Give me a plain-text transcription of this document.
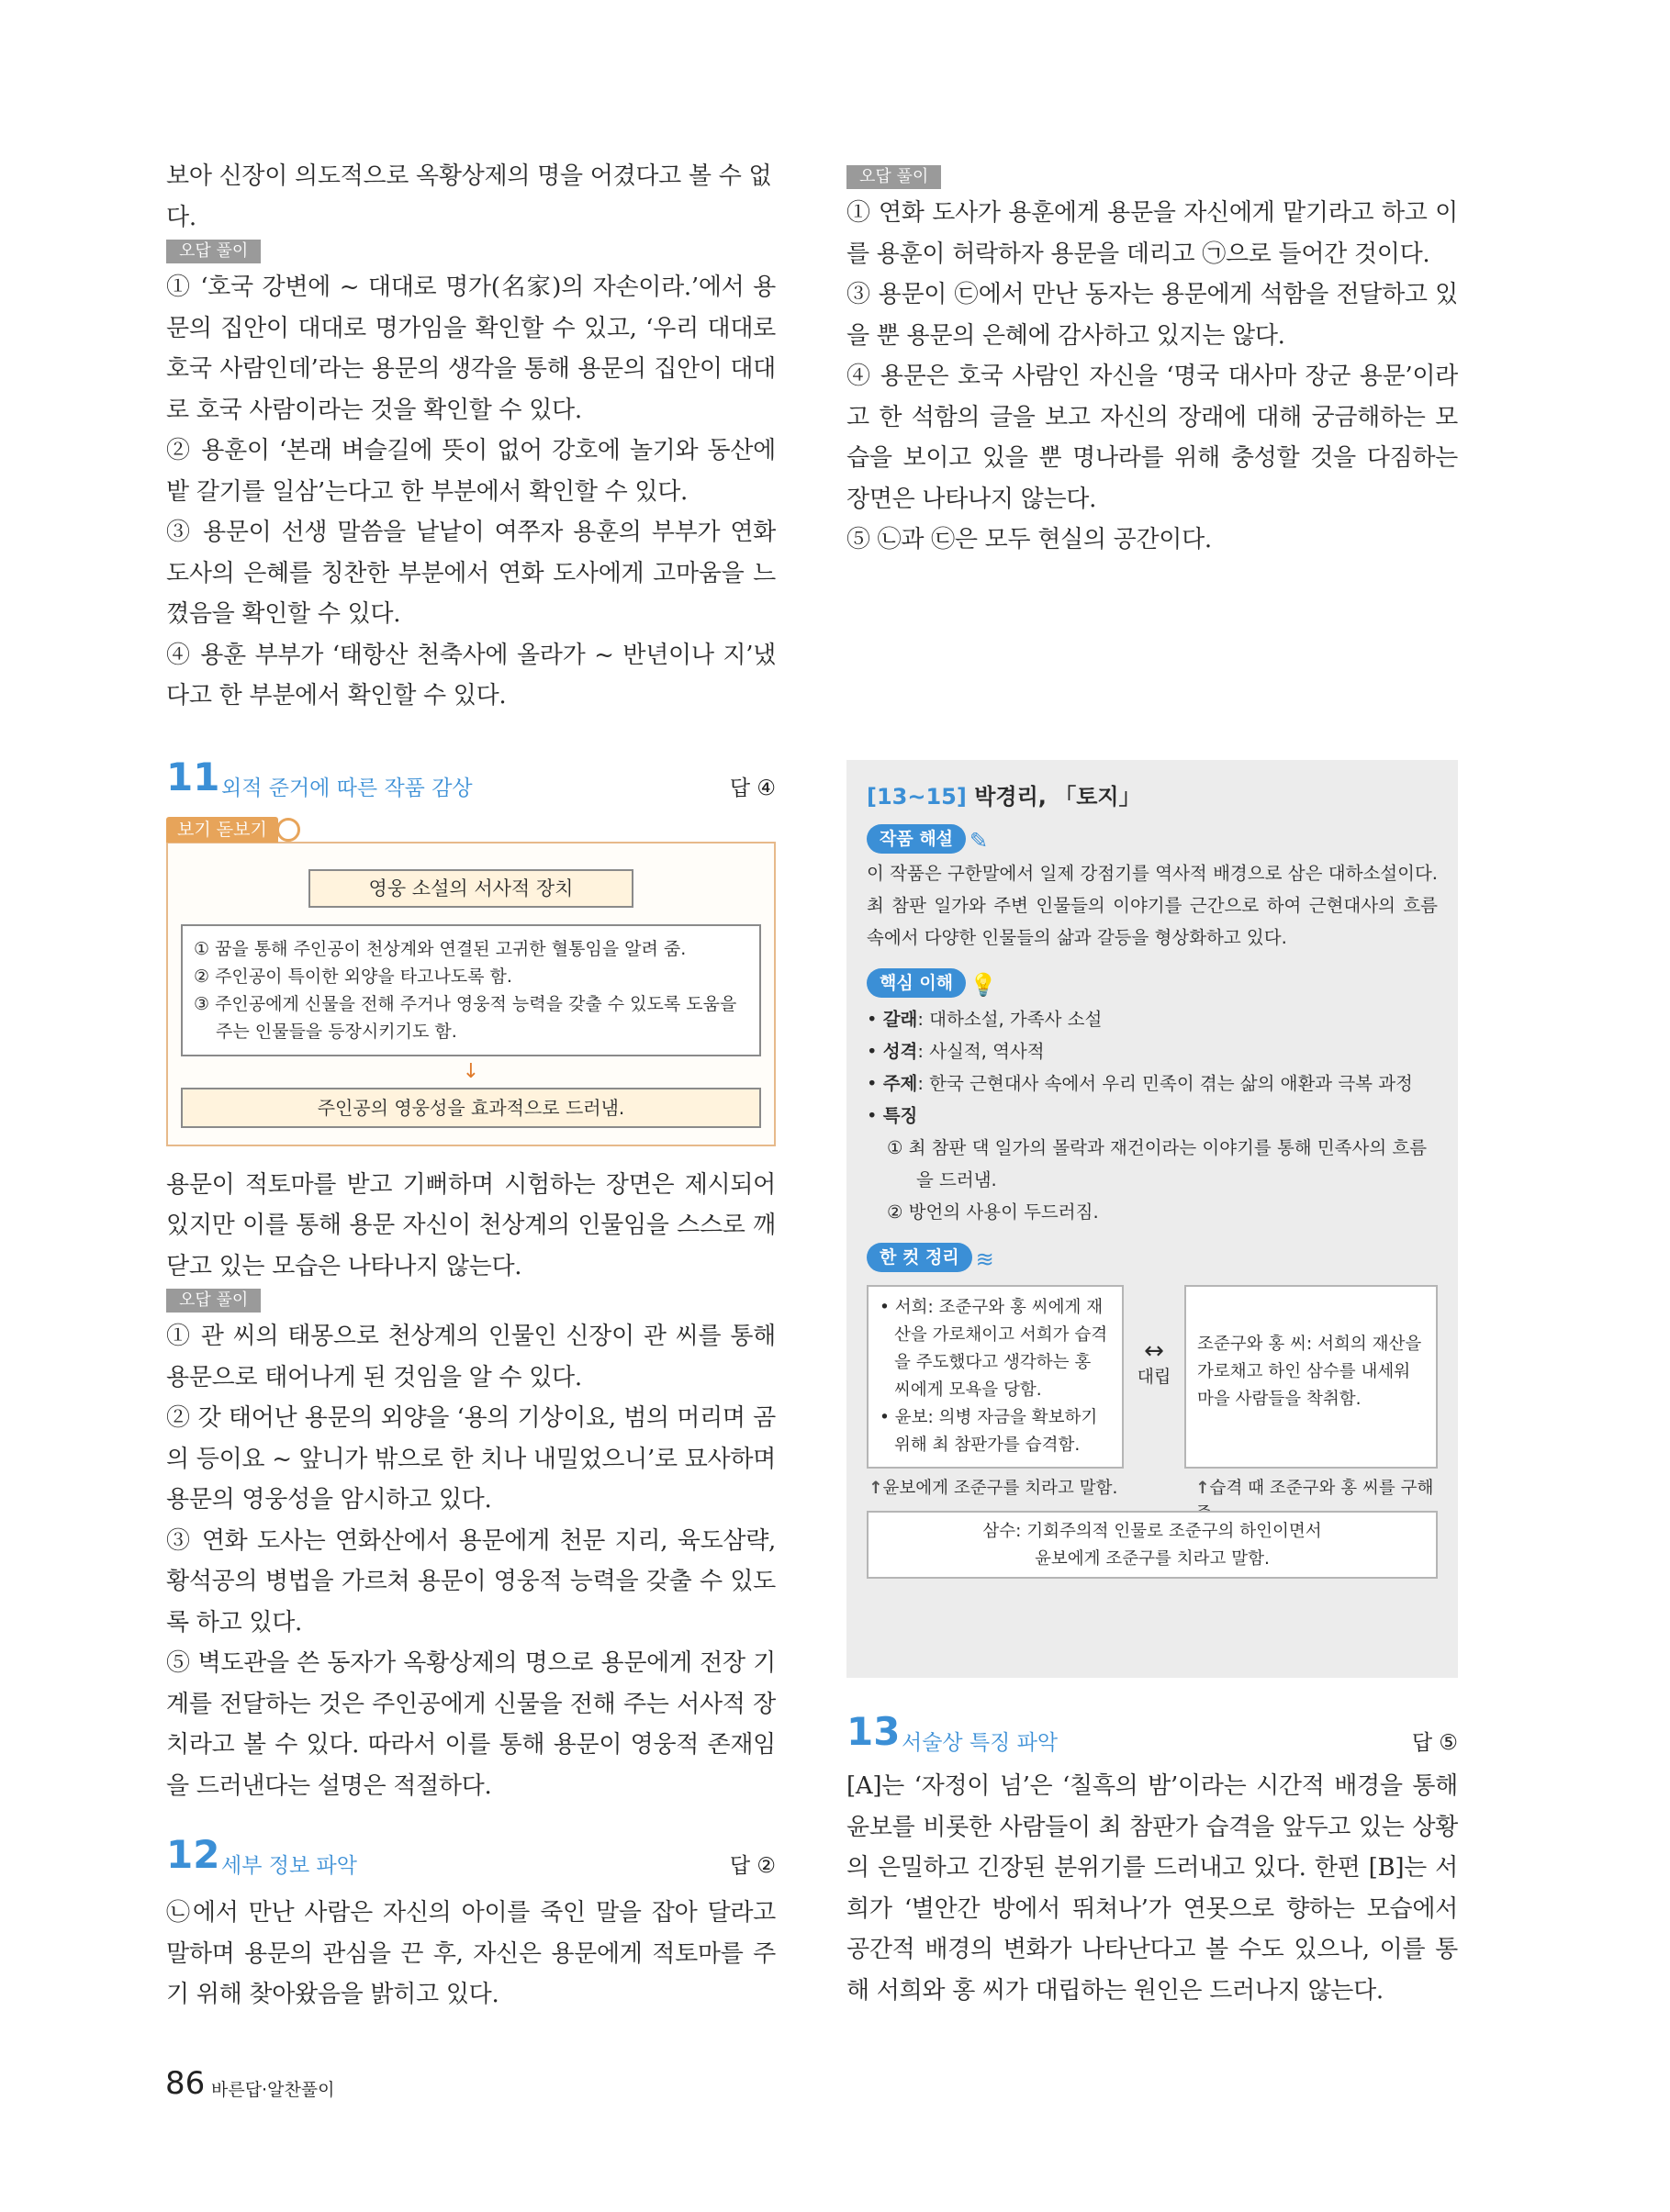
보아 신장이 의도적으로 옥황상제의 명을 어겼다고 볼 수 없다.

오답 풀이

① ‘호국 강변에 ~ 대대로 명가(名家)의 자손이라.’에서 용문의 집안이 대대로 명가임을 확인할 수 있고, ‘우리 대대로 호국 사람인데’라는 용문의 생각을 통해 용문의 집안이 대대로 호국 사람이라는 것을 확인할 수 있다.

② 용훈이 ‘본래 벼슬길에 뜻이 없어 강호에 놀기와 동산에 밭 갈기를 일삼’는다고 한 부분에서 확인할 수 있다.

③ 용문이 선생 말씀을 낱낱이 여쭈자 용훈의 부부가 연화 도사의 은혜를 칭찬한 부분에서 연화 도사에게 고마움을 느꼈음을 확인할 수 있다.

④ 용훈 부부가 ‘태항산 천축사에 올라가 ~ 반년이나 지’냈다고 한 부분에서 확인할 수 있다.

오답 풀이

① 연화 도사가 용훈에게 용문을 자신에게 맡기라고 하고 이를 용훈이 허락하자 용문을 데리고 ㉠으로 들어간 것이다.

③ 용문이 ㉢에서 만난 동자는 용문에게 석함을 전달하고 있을 뿐 용문의 은혜에 감사하고 있지는 않다.

④ 용문은 호국 사람인 자신을 ‘명국 대사마 장군 용문’이라고 한 석함의 글을 보고 자신의 장래에 대해 궁금해하는 모습을 보이고 있을 뿐 명나라를 위해 충성할 것을 다짐하는 장면은 나타나지 않는다.

⑤ ㉡과 ㉢은 모두 현실의 공간이다.

11 외적 준거에 따른 작품 감상	답 ④
보기 돋보기
영웅 소설의 서사적 장치
① 꿈을 통해 주인공이 천상계와 연결된 고귀한 혈통임을 알려 줌.
② 주인공이 특이한 외양을 타고나도록 함.
③ 주인공에게 신물을 전해 주거나 영웅적 능력을 갖출 수 있도록 도움을 주는 인물들을 등장시키기도 함.
↓
주인공의 영웅성을 효과적으로 드러냄.

용문이 적토마를 받고 기뻐하며 시험하는 장면은 제시되어 있지만 이를 통해 용문 자신이 천상계의 인물임을 스스로 깨닫고 있는 모습은 나타나지 않는다.

오답 풀이

① 관 씨의 태몽으로 천상계의 인물인 신장이 관 씨를 통해 용문으로 태어나게 된 것임을 알 수 있다.

② 갓 태어난 용문의 외양을 ‘용의 기상이요, 범의 머리며 곰의 등이요 ~ 앞니가 밖으로 한 치나 내밀었으니’로 묘사하며 용문의 영웅성을 암시하고 있다.

③ 연화 도사는 연화산에서 용문에게 천문 지리, 육도삼략, 황석공의 병법을 가르쳐 용문이 영웅적 능력을 갖출 수 있도록 하고 있다.

⑤ 벽도관을 쓴 동자가 옥황상제의 명으로 용문에게 전장 기계를 전달하는 것은 주인공에게 신물을 전해 주는 서사적 장치라고 볼 수 있다. 따라서 이를 통해 용문이 영웅적 존재임을 드러낸다는 설명은 적절하다.

12 세부 정보 파악	답 ②

㉡에서 만난 사람은 자신의 아이를 죽인 말을 잡아 달라고 말하며 용문의 관심을 끈 후, 자신은 용문에게 적토마를 주기 위해 찾아왔음을 밝히고 있다.

[13~15] 박경리, 「토지」
작품 해설 ✎

이 작품은 구한말에서 일제 강점기를 역사적 배경으로 삼은 대하소설이다. 최 참판 일가와 주변 인물들의 이야기를 근간으로 하여 근현대사의 흐름 속에서 다양한 인물들의 삶과 갈등을 형상화하고 있다.

핵심 이해 💡
• 갈래: 대하소설, 가족사 소설
• 성격: 사실적, 역사적
• 주제: 한국 근현대사 속에서 우리 민족이 겪는 삶의 애환과 극복 과정
• 특징
① 최 참판 댁 일가의 몰락과 재건이라는 이야기를 통해 민족사의 흐름을 드러냄.
② 방언의 사용이 두드러짐.
한 컷 정리 ≋
• 서희: 조준구와 홍 씨에게 재산을 가로채이고 서희가 습격을 주도했다고 생각하는 홍 씨에게 모욕을 당함.
• 윤보: 의병 자금을 확보하기 위해 최 참판가를 습격함.
↔
대립
조준구와 홍 씨: 서희의 재산을 가로채고 하인 삼수를 내세워 마을 사람들을 착취함.
↑윤보에게 조준구를 치라고 말함.	↑습격 때 조준구와 홍 씨를 구해
삼수: 기회주의적 인물로 조준구의 하인이면서
윤보에게 조준구를 치라고 말함.
13 서술상 특징 파악	답 ⑤

[A]는 ‘자정이 넘’은 ‘칠흑의 밤’이라는 시간적 배경을 통해 윤보를 비롯한 사람들이 최 참판가 습격을 앞두고 있는 상황의 은밀하고 긴장된 분위기를 드러내고 있다. 한편 [B]는 서희가 ‘별안간 방에서 뛰쳐나’가 연못으로 향하는 모습에서 공간적 배경의 변화가 나타난다고 볼 수도 있으나, 이를 통해 서희와 홍 씨가 대립하는 원인은 드러나지 않는다.

86 바른답·알찬풀이
